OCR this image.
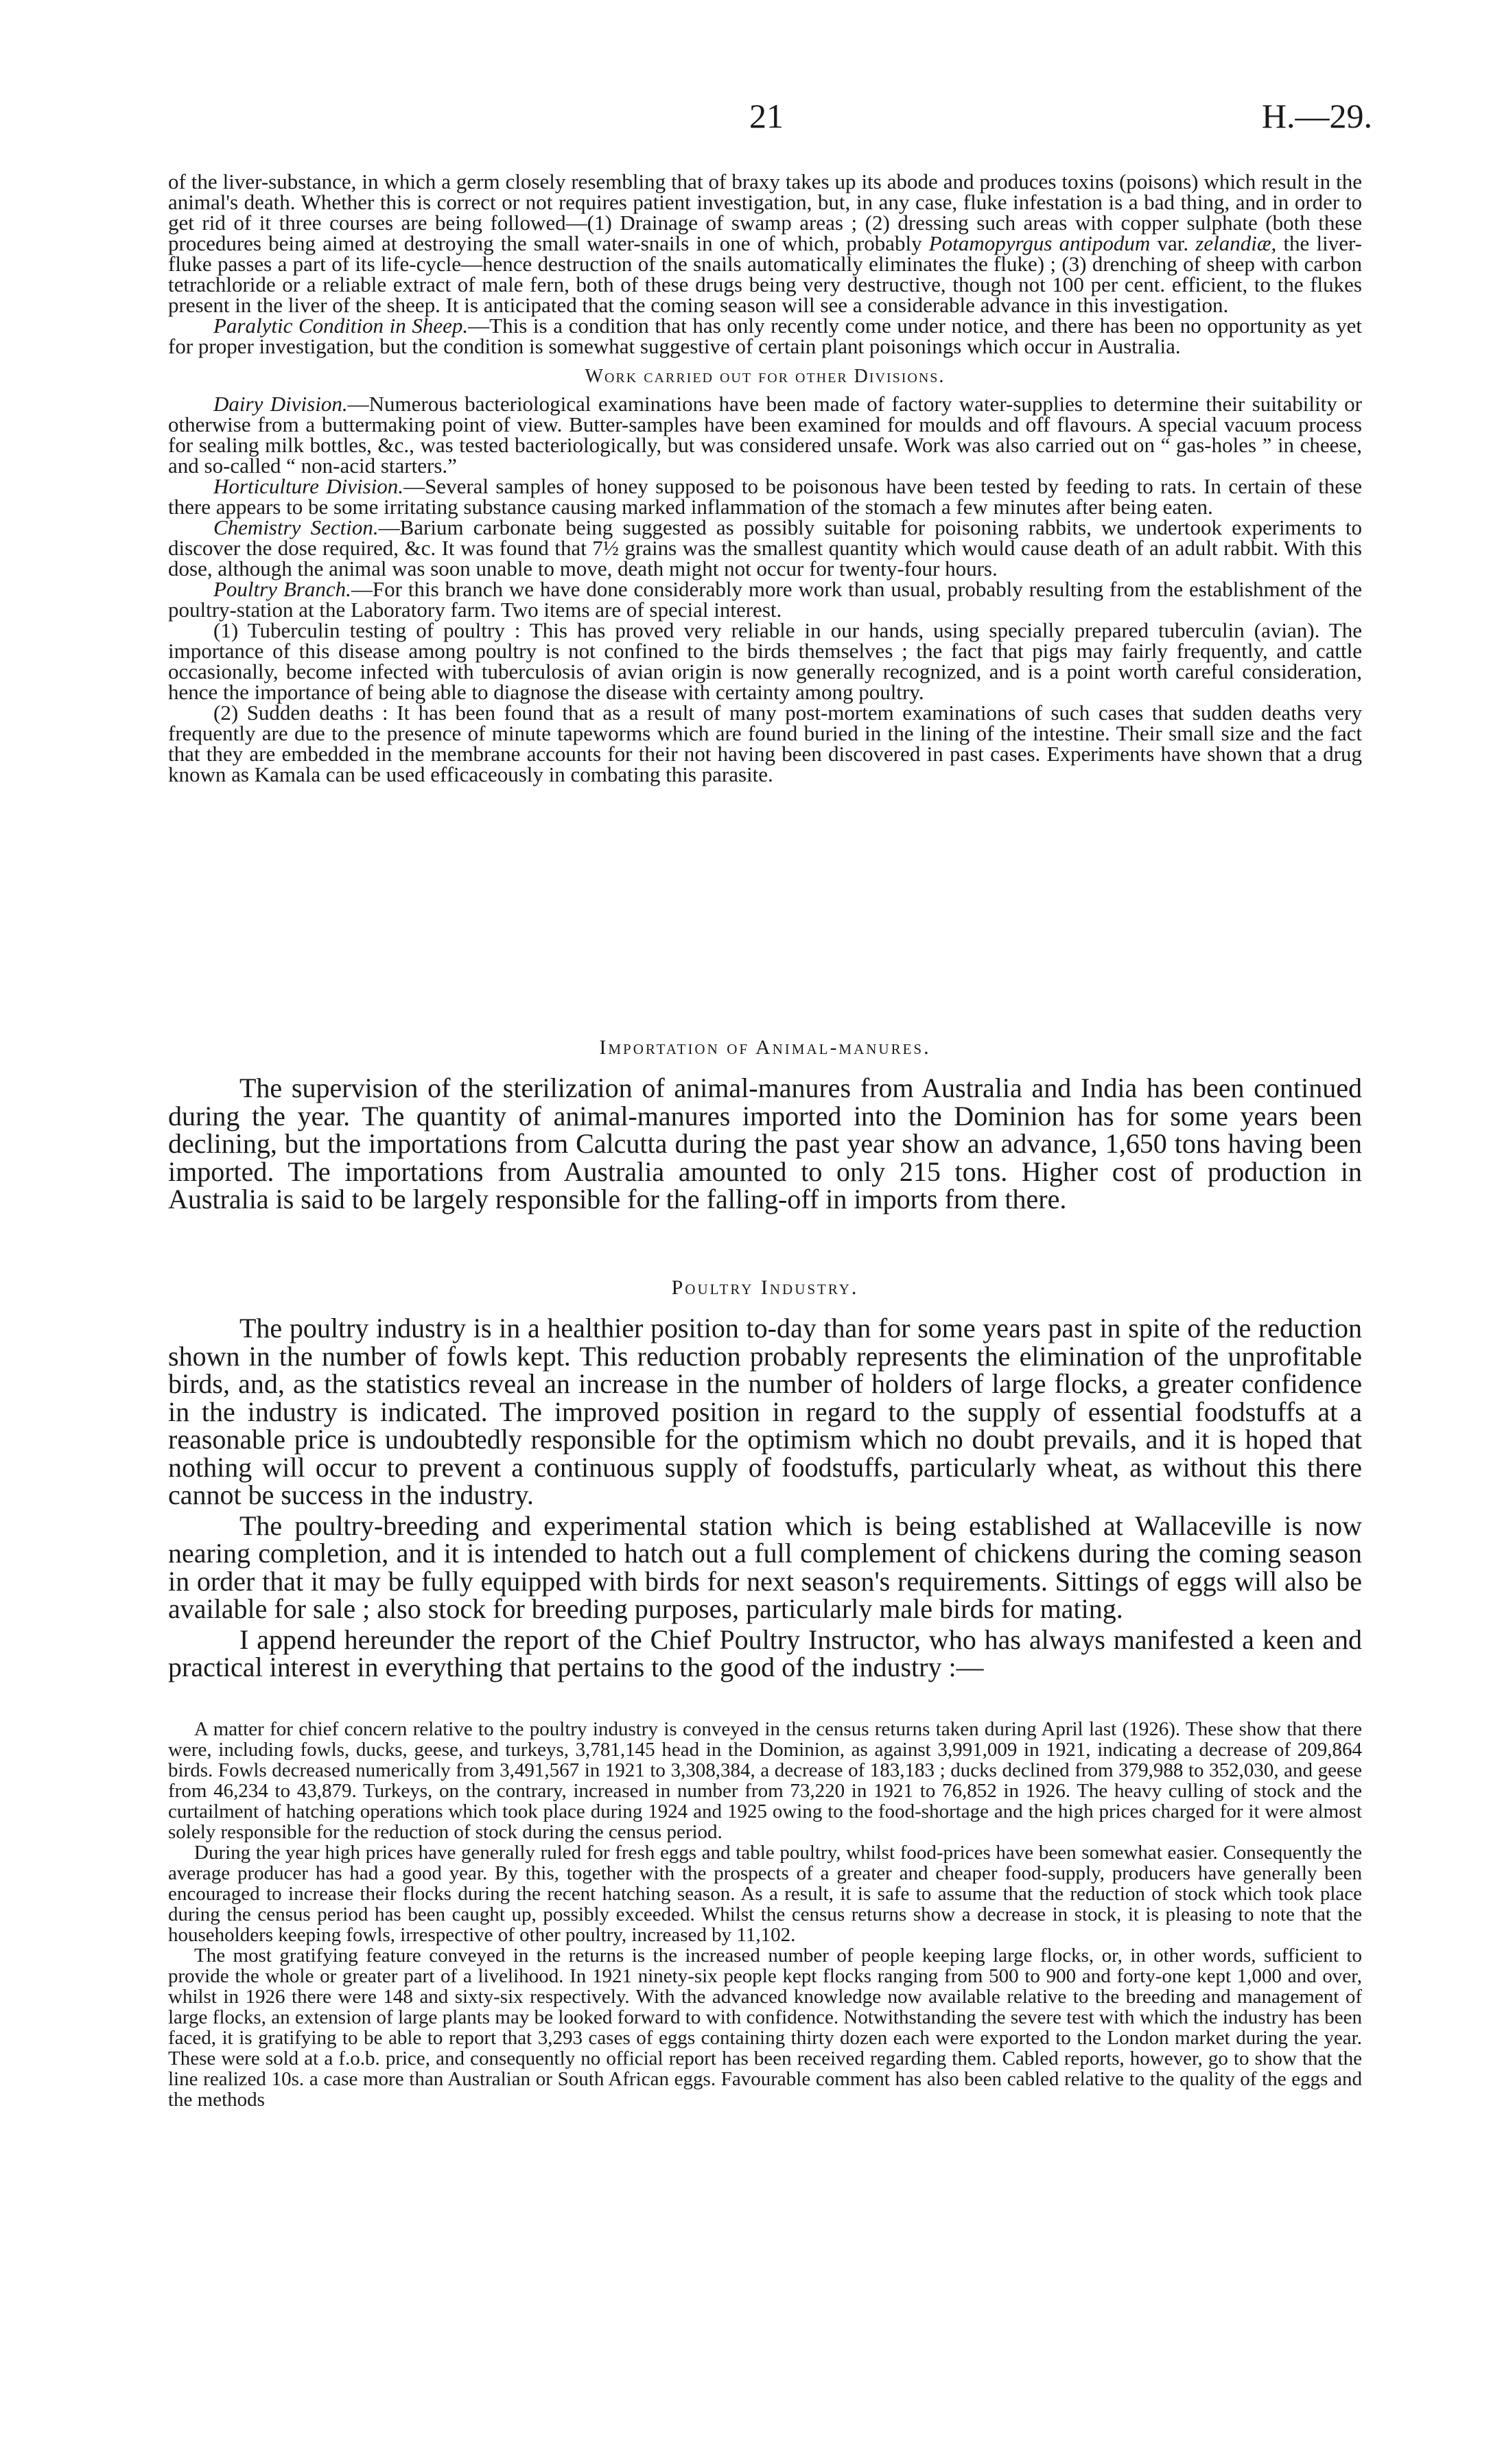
21	H.—29.

of the liver-substance, in which a germ closely resembling that of braxy takes up its abode and produces toxins (poisons) which result in the animal's death. Whether this is correct or not requires patient investigation, but, in any case, fluke infestation is a bad thing, and in order to get rid of it three courses are being followed—(1) Drainage of swamp areas ; (2) dressing such areas with copper sulphate (both these procedures being aimed at destroying the small water-snails in one of which, probably Potamopyrgus antipodum var. zelandiæ, the liver-fluke passes a part of its life-cycle—hence destruction of the snails automatically eliminates the fluke) ; (3) drenching of sheep with carbon tetrachloride or a reliable extract of male fern, both of these drugs being very destructive, though not 100 per cent. efficient, to the flukes present in the liver of the sheep. It is anticipated that the coming season will see a considerable advance in this investigation.

Paralytic Condition in Sheep.—This is a condition that has only recently come under notice, and there has been no opportunity as yet for proper investigation, but the condition is somewhat suggestive of certain plant poisonings which occur in Australia.

Work carried out for other Divisions.

Dairy Division.—Numerous bacteriological examinations have been made of factory water-supplies to determine their suitability or otherwise from a buttermaking point of view. Butter-samples have been examined for moulds and off flavours. A special vacuum process for sealing milk bottles, &c., was tested bacteriologically, but was considered unsafe. Work was also carried out on “ gas-holes ” in cheese, and so-called “ non-acid starters.”

Horticulture Division.—Several samples of honey supposed to be poisonous have been tested by feeding to rats. In certain of these there appears to be some irritating substance causing marked inflammation of the stomach a few minutes after being eaten.

Chemistry Section.—Barium carbonate being suggested as possibly suitable for poisoning rabbits, we undertook experiments to discover the dose required, &c. It was found that 7½ grains was the smallest quantity which would cause death of an adult rabbit. With this dose, although the animal was soon unable to move, death might not occur for twenty-four hours.

Poultry Branch.—For this branch we have done considerably more work than usual, probably resulting from the establishment of the poultry-station at the Laboratory farm. Two items are of special interest.

(1) Tuberculin testing of poultry : This has proved very reliable in our hands, using specially prepared tuberculin (avian). The importance of this disease among poultry is not confined to the birds themselves ; the fact that pigs may fairly frequently, and cattle occasionally, become infected with tuberculosis of avian origin is now generally recognized, and is a point worth careful consideration, hence the importance of being able to diagnose the disease with certainty among poultry.

(2) Sudden deaths : It has been found that as a result of many post-mortem examinations of such cases that sudden deaths very frequently are due to the presence of minute tapeworms which are found buried in the lining of the intestine. Their small size and the fact that they are embedded in the membrane accounts for their not having been discovered in past cases. Experiments have shown that a drug known as Kamala can be used efficaceously in combating this parasite.

Importation of Animal-manures.

The supervision of the sterilization of animal-manures from Australia and India has been continued during the year. The quantity of animal-manures imported into the Dominion has for some years been declining, but the importations from Calcutta during the past year show an advance, 1,650 tons having been imported. The importations from Australia amounted to only 215 tons. Higher cost of production in Australia is said to be largely responsible for the falling-off in imports from there.

Poultry Industry.

The poultry industry is in a healthier position to-day than for some years past in spite of the reduction shown in the number of fowls kept. This reduction probably represents the elimination of the unprofitable birds, and, as the statistics reveal an increase in the number of holders of large flocks, a greater confidence in the industry is indicated. The improved position in regard to the supply of essential foodstuffs at a reasonable price is undoubtedly responsible for the optimism which no doubt prevails, and it is hoped that nothing will occur to prevent a continuous supply of foodstuffs, particularly wheat, as without this there cannot be success in the industry.

The poultry-breeding and experimental station which is being established at Wallaceville is now nearing completion, and it is intended to hatch out a full complement of chickens during the coming season in order that it may be fully equipped with birds for next season's requirements. Sittings of eggs will also be available for sale ; also stock for breeding purposes, particularly male birds for mating.

I append hereunder the report of the Chief Poultry Instructor, who has always manifested a keen and practical interest in everything that pertains to the good of the industry :—

A matter for chief concern relative to the poultry industry is conveyed in the census returns taken during April last (1926). These show that there were, including fowls, ducks, geese, and turkeys, 3,781,145 head in the Dominion, as against 3,991,009 in 1921, indicating a decrease of 209,864 birds. Fowls decreased numerically from 3,491,567 in 1921 to 3,308,384, a decrease of 183,183 ; ducks declined from 379,988 to 352,030, and geese from 46,234 to 43,879. Turkeys, on the contrary, increased in number from 73,220 in 1921 to 76,852 in 1926. The heavy culling of stock and the curtailment of hatching operations which took place during 1924 and 1925 owing to the food-shortage and the high prices charged for it were almost solely responsible for the reduction of stock during the census period.

During the year high prices have generally ruled for fresh eggs and table poultry, whilst food-prices have been somewhat easier. Consequently the average producer has had a good year. By this, together with the prospects of a greater and cheaper food-supply, producers have generally been encouraged to increase their flocks during the recent hatching season. As a result, it is safe to assume that the reduction of stock which took place during the census period has been caught up, possibly exceeded. Whilst the census returns show a decrease in stock, it is pleasing to note that the householders keeping fowls, irrespective of other poultry, increased by 11,102.

The most gratifying feature conveyed in the returns is the increased number of people keeping large flocks, or, in other words, sufficient to provide the whole or greater part of a livelihood. In 1921 ninety-six people kept flocks ranging from 500 to 900 and forty-one kept 1,000 and over, whilst in 1926 there were 148 and sixty-six respectively. With the advanced knowledge now available relative to the breeding and management of large flocks, an extension of large plants may be looked forward to with confidence. Notwithstanding the severe test with which the industry has been faced, it is gratifying to be able to report that 3,293 cases of eggs containing thirty dozen each were exported to the London market during the year. These were sold at a f.o.b. price, and consequently no official report has been received regarding them. Cabled reports, however, go to show that the line realized 10s. a case more than Australian or South African eggs. Favourable comment has also been cabled relative to the quality of the eggs and the methods
